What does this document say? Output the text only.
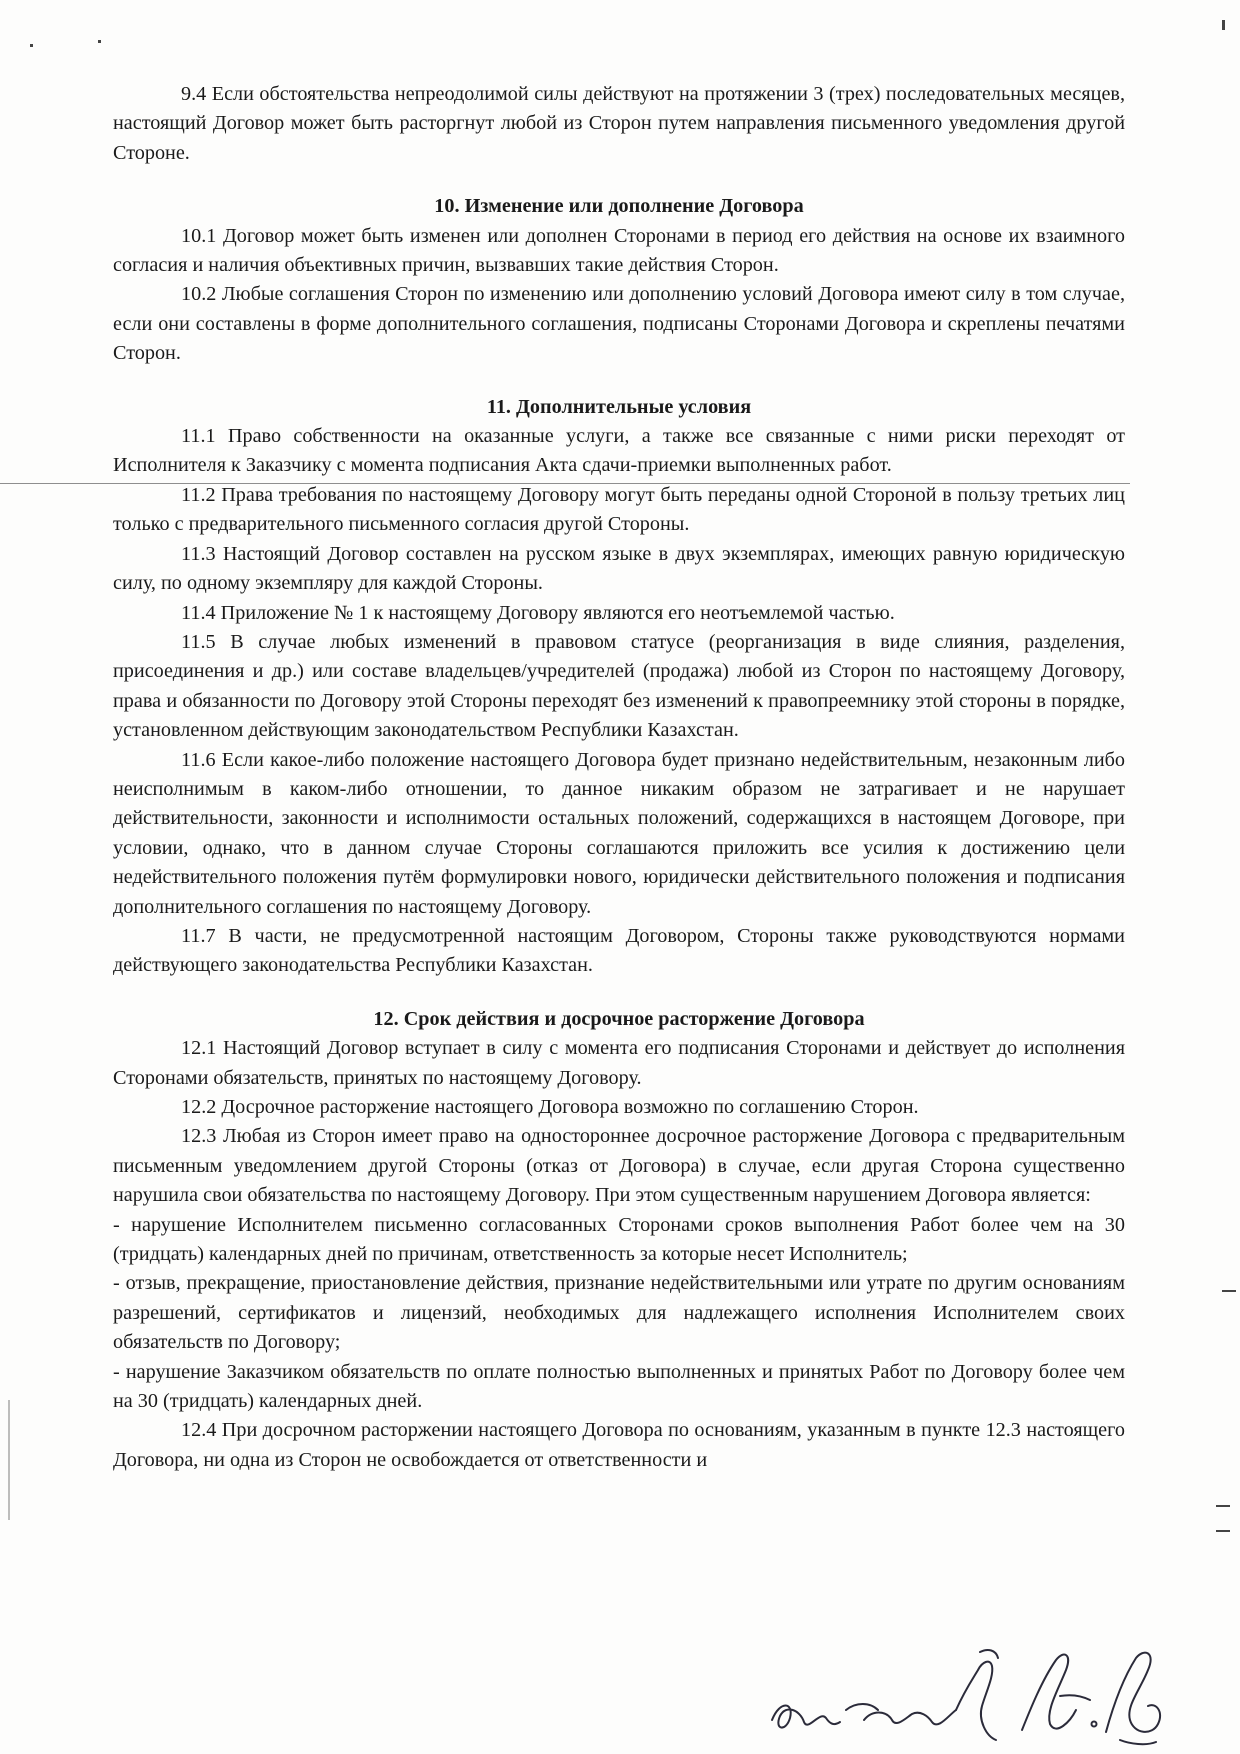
9.4 Если обстоятельства непреодолимой силы действуют на протяжении 3 (трех) последовательных месяцев, настоящий Договор может быть расторгнут любой из Сторон путем направления письменного уведомления другой Стороне.

10. Изменение или дополнение Договора

10.1 Договор может быть изменен или дополнен Сторонами в период его действия на основе их взаимного согласия и наличия объективных причин, вызвавших такие действия Сторон.

10.2 Любые соглашения Сторон по изменению или дополнению условий Договора имеют силу в том случае, если они составлены в форме дополнительного соглашения, подписаны Сторонами Договора и скреплены печатями Сторон.

11. Дополнительные условия

11.1 Право собственности на оказанные услуги, а также все связанные с ними риски переходят от Исполнителя к Заказчику с момента подписания Акта сдачи-приемки выполненных работ.

11.2 Права требования по настоящему Договору могут быть переданы одной Стороной в пользу третьих лиц только с предварительного письменного согласия другой Стороны.

11.3 Настоящий Договор составлен на русском языке в двух экземплярах, имеющих равную юридическую силу, по одному экземпляру для каждой Стороны.

11.4 Приложение № 1 к настоящему Договору являются его неотъемлемой частью.

11.5 В случае любых изменений в правовом статусе (реорганизация в виде слияния, разделения, присоединения и др.) или составе владельцев/учредителей (продажа) любой из Сторон по настоящему Договору, права и обязанности по Договору этой Стороны переходят без изменений к правопреемнику этой стороны в порядке, установленном действующим законодательством Республики Казахстан.

11.6 Если какое-либо положение настоящего Договора будет признано недействительным, незаконным либо неисполнимым в каком-либо отношении, то данное никаким образом не затрагивает и не нарушает действительности, законности и исполнимости остальных положений, содержащихся в настоящем Договоре, при условии, однако, что в данном случае Стороны соглашаются приложить все усилия к достижению цели недействительного положения путём формулировки нового, юридически действительного положения и подписания дополнительного соглашения по настоящему Договору.

11.7 В части, не предусмотренной настоящим Договором, Стороны также руководствуются нормами действующего законодательства Республики Казахстан.

12. Срок действия и досрочное расторжение Договора

12.1 Настоящий Договор вступает в силу с момента его подписания Сторонами и действует до исполнения Сторонами обязательств, принятых по настоящему Договору.

12.2 Досрочное расторжение настоящего Договора возможно по соглашению Сторон.

12.3 Любая из Сторон имеет право на одностороннее досрочное расторжение Договора с предварительным письменным уведомлением другой Стороны (отказ от Договора) в случае, если другая Сторона существенно нарушила свои обязательства по настоящему Договору. При этом существенным нарушением Договора является:

- нарушение Исполнителем письменно согласованных Сторонами сроков выполнения Работ более чем на 30 (тридцать) календарных дней по причинам, ответственность за которые несет Исполнитель;

- отзыв, прекращение, приостановление действия, признание недействительными или утрате по другим основаниям разрешений, сертификатов и лицензий, необходимых для надлежащего исполнения Исполнителем своих обязательств по Договору;

- нарушение Заказчиком обязательств по оплате полностью выполненных и принятых Работ по Договору более чем на 30 (тридцать) календарных дней.

12.4 При досрочном расторжении настоящего Договора по основаниям, указанным в пункте 12.3 настоящего Договора, ни одна из Сторон не освобождается от ответственности и
